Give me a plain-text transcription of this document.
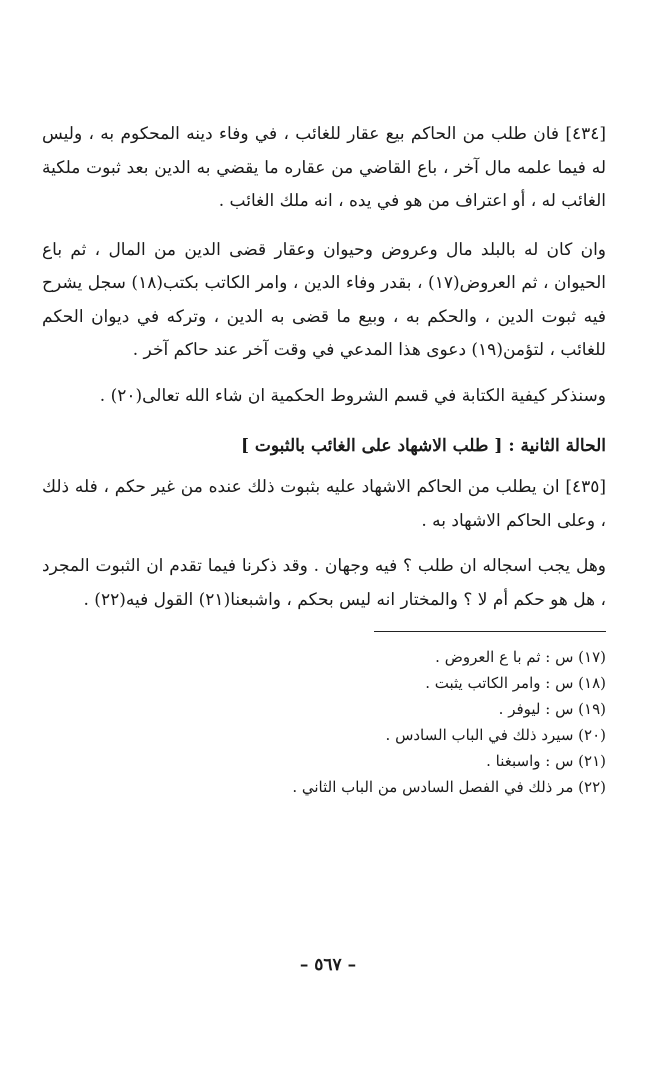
[٤٣٤] فان طلب من الحاكم بيع عقار للغائب ، في وفاء دينه المحكوم به ، وليس له فيما علمه مال آخر ، باع القاضي من عقاره ما يقضي به الدين بعد ثبوت ملكية الغائب له ، أو اعتراف من هو في يده ، انه ملك الغائب .

وان كان له بالبلد مال وعروض وحيوان وعقار قضى الدين من المال ، ثم باع الحيوان ، ثم العروض(١٧) ، بقدر وفاء الدين ، وامر الكاتب بكتب(١٨) سجل يشرح فيه ثبوت الدين ، والحكم به ، وبيع ما قضى به الدين ، وتركه في ديوان الحكم للغائب ، لتؤمن(١٩) دعوى هذا المدعي في وقت آخر عند حاكم آخر .

وسنذكر كيفية الكتابة في قسم الشروط الحكمية ان شاء الله تعالى(٢٠) .

الحالة الثانية : [ طلب الاشهاد على الغائب بالثبوت ]

[٤٣٥] ان يطلب من الحاكم الاشهاد عليه بثبوت ذلك عنده من غير حكم ، فله ذلك ، وعلى الحاكم الاشهاد به .

وهل يجب اسجاله ان طلب ؟ فيه وجهان . وقد ذكرنا فيما تقدم ان الثبوت المجرد ، هل هو حكم أم لا ؟ والمختار انه ليس بحكم ، واشبعنا(٢١) القول فيه(٢٢) .

(١٧) س : ثم با ع العروض .
(١٨) س : وامر الكاتب يثبت .
(١٩) س : ليوفر .
(٢٠) سيرد ذلك في الباب السادس .
(٢١) س : واسبغنا .
(٢٢) مر ذلك في الفصل السادس من الباب الثاني .
– ٥٦٧ –
